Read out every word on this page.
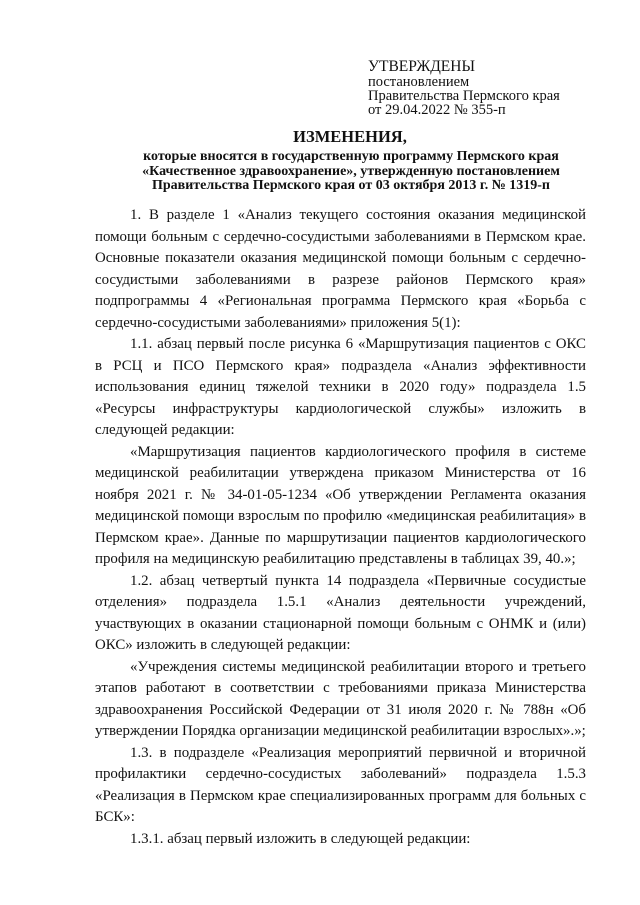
УТВЕРЖДЕНЫ
постановлением
Правительства Пермского края
от 29.04.2022 № 355-п
ИЗМЕНЕНИЯ,
которые вносятся в государственную программу Пермского края
«Качественное здравоохранение», утвержденную постановлением
Правительства Пермского края от 03 октября 2013 г. № 1319-п

1. В разделе 1 «Анализ текущего состояния оказания медицинской помощи больным с сердечно-сосудистыми заболеваниями в Пермском крае. Основные показатели оказания медицинской помощи больным с сердечно-сосудистыми заболеваниями в разрезе районов Пермского края» подпрограммы 4 «Региональная программа Пермского края «Борьба с сердечно-сосудистыми заболеваниями» приложения 5(1):

1.1. абзац первый после рисунка 6 «Маршрутизация пациентов с ОКС в РСЦ и ПСО Пермского края» подраздела «Анализ эффективности использования единиц тяжелой техники в 2020 году» подраздела 1.5 «Ресурсы инфраструктуры кардиологической службы» изложить в следующей редакции:

«Маршрутизация пациентов кардиологического профиля в системе медицинской реабилитации утверждена приказом Министерства от 16 ноября 2021 г. № 34-01-05-1234 «Об утверждении Регламента оказания медицинской помощи взрослым по профилю «медицинская реабилитация» в Пермском крае». Данные по маршрутизации пациентов кардиологического профиля на медицинскую реабилитацию представлены в таблицах 39, 40.»;

1.2. абзац четвертый пункта 14 подраздела «Первичные сосудистые отделения» подраздела 1.5.1 «Анализ деятельности учреждений, участвующих в оказании стационарной помощи больным с ОНМК и (или) ОКС» изложить в следующей редакции:

«Учреждения системы медицинской реабилитации второго и третьего этапов работают в соответствии с требованиями приказа Министерства здравоохранения Российской Федерации от 31 июля 2020 г. № 788н «Об утверждении Порядка организации медицинской реабилитации взрослых».»;

1.3. в подразделе «Реализация мероприятий первичной и вторичной профилактики сердечно-сосудистых заболеваний» подраздела 1.5.3 «Реализация в Пермском крае специализированных программ для больных с БСК»:

1.3.1. абзац первый изложить в следующей редакции:
